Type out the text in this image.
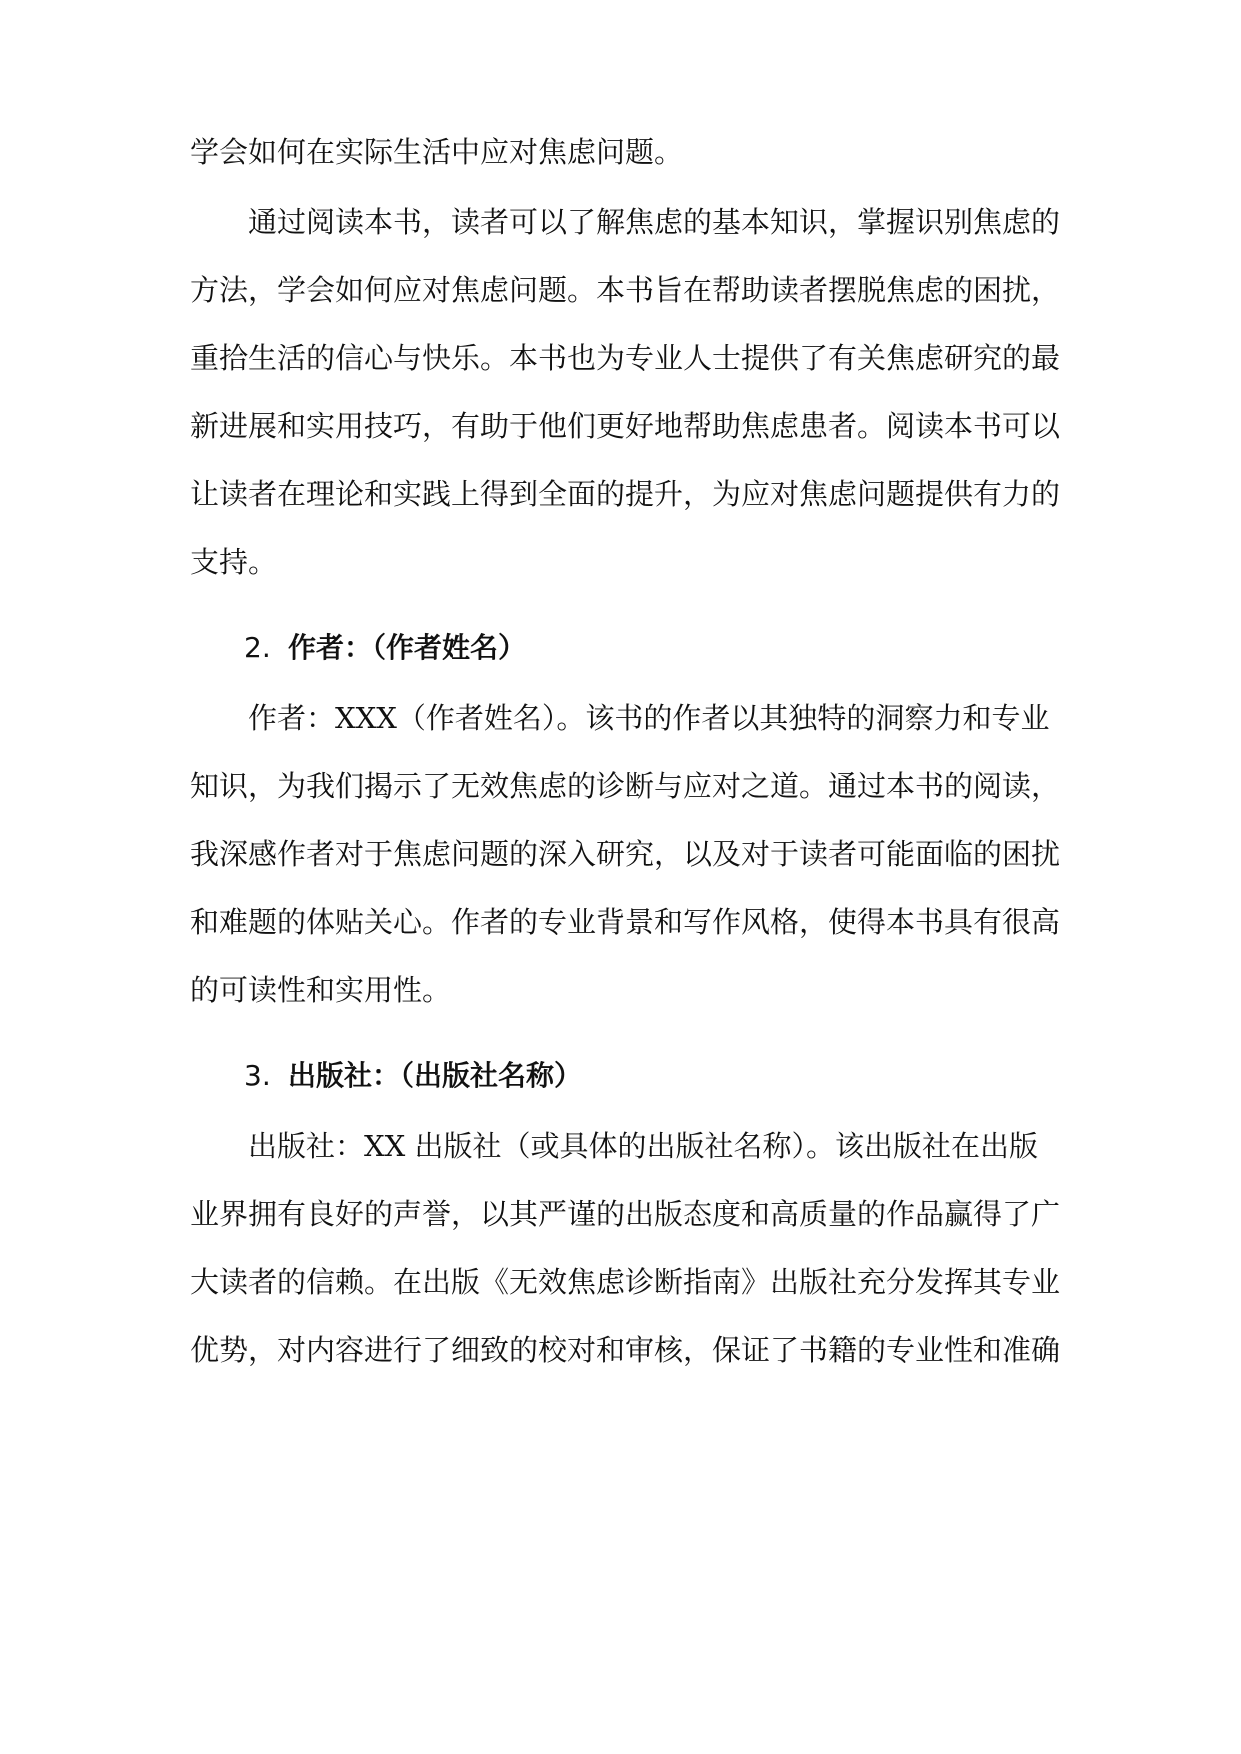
学会如何在实际生活中应对焦虑问题。
通过阅读本书，读者可以了解焦虑的基本知识，掌握识别焦虑的
方法，学会如何应对焦虑问题。本书旨在帮助读者摆脱焦虑的困扰，
重拾生活的信心与快乐。本书也为专业人士提供了有关焦虑研究的最
新进展和实用技巧，有助于他们更好地帮助焦虑患者。阅读本书可以
让读者在理论和实践上得到全面的提升，为应对焦虑问题提供有力的
支持。
2. 作者：（作者姓名）
作者：XXX（作者姓名）。该书的作者以其独特的洞察力和专业
知识，为我们揭示了无效焦虑的诊断与应对之道。通过本书的阅读，
我深感作者对于焦虑问题的深入研究，以及对于读者可能面临的困扰
和难题的体贴关心。作者的专业背景和写作风格，使得本书具有很高
的可读性和实用性。
3. 出版社：（出版社名称）
出版社：XX 出版社（或具体的出版社名称）。该出版社在出版
业界拥有良好的声誉，以其严谨的出版态度和高质量的作品赢得了广
大读者的信赖。在出版《无效焦虑诊断指南》出版社充分发挥其专业
优势，对内容进行了细致的校对和审核，保证了书籍的专业性和准确
